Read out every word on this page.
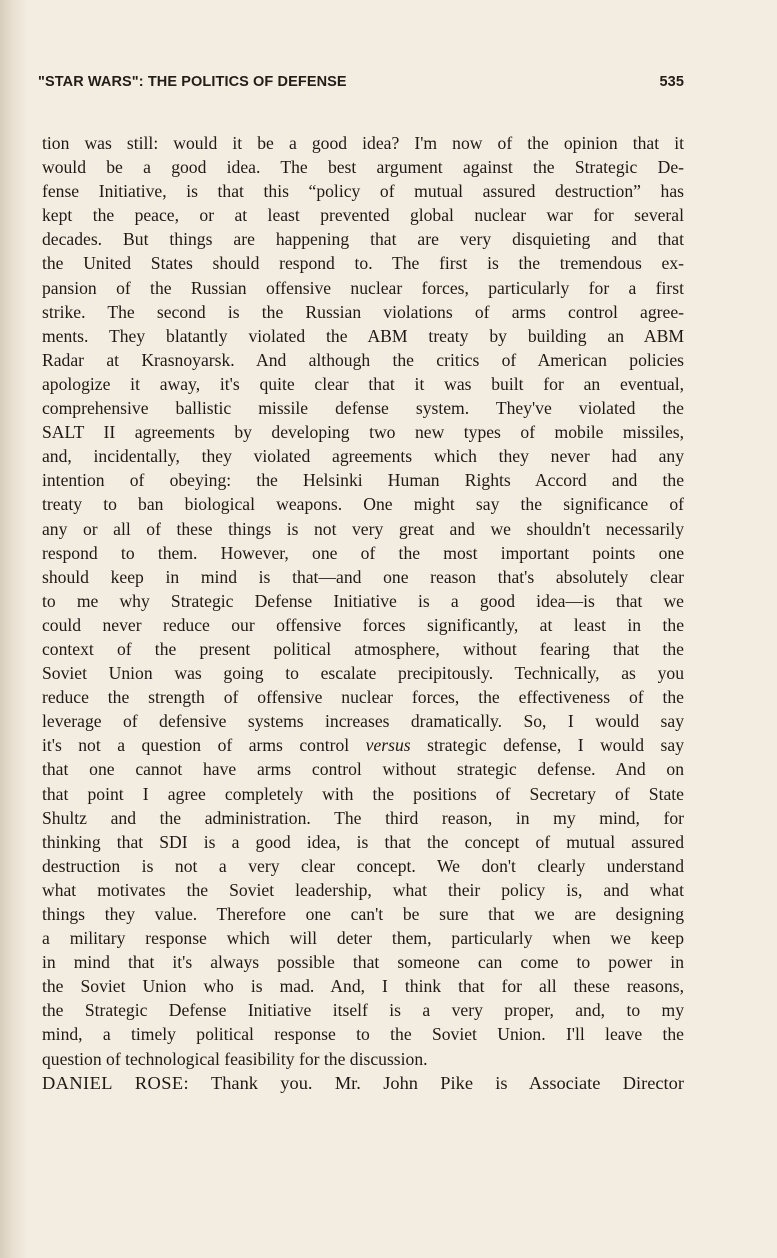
"STAR WARS": THE POLITICS OF DEFENSE	535
tion was still: would it be a good idea? I'm now of the opinion that it
would be a good idea. The best argument against the Strategic De-
fense Initiative, is that this “policy of mutual assured destruction” has
kept the peace, or at least prevented global nuclear war for several
decades. But things are happening that are very disquieting and that
the United States should respond to. The first is the tremendous ex-
pansion of the Russian offensive nuclear forces, particularly for a first
strike. The second is the Russian violations of arms control agree-
ments. They blatantly violated the ABM treaty by building an ABM
Radar at Krasnoyarsk. And although the critics of American policies
apologize it away, it's quite clear that it was built for an eventual,
comprehensive ballistic missile defense system. They've violated the
SALT II agreements by developing two new types of mobile missiles,
and, incidentally, they violated agreements which they never had any
intention of obeying: the Helsinki Human Rights Accord and the
treaty to ban biological weapons. One might say the significance of
any or all of these things is not very great and we shouldn't necessarily
respond to them. However, one of the most important points one
should keep in mind is that—and one reason that's absolutely clear
to me why Strategic Defense Initiative is a good idea—is that we
could never reduce our offensive forces significantly, at least in the
context of the present political atmosphere, without fearing that the
Soviet Union was going to escalate precipitously. Technically, as you
reduce the strength of offensive nuclear forces, the effectiveness of the
leverage of defensive systems increases dramatically. So, I would say
it's not a question of arms control versus strategic defense, I would say
that one cannot have arms control without strategic defense. And on
that point I agree completely with the positions of Secretary of State
Shultz and the administration. The third reason, in my mind, for
thinking that SDI is a good idea, is that the concept of mutual assured
destruction is not a very clear concept. We don't clearly understand
what motivates the Soviet leadership, what their policy is, and what
things they value. Therefore one can't be sure that we are designing
a military response which will deter them, particularly when we keep
in mind that it's always possible that someone can come to power in
the Soviet Union who is mad. And, I think that for all these reasons,
the Strategic Defense Initiative itself is a very proper, and, to my
mind, a timely political response to the Soviet Union. I'll leave the
question of technological feasibility for the discussion.
DANIEL ROSE: Thank you. Mr. John Pike is Associate Director
